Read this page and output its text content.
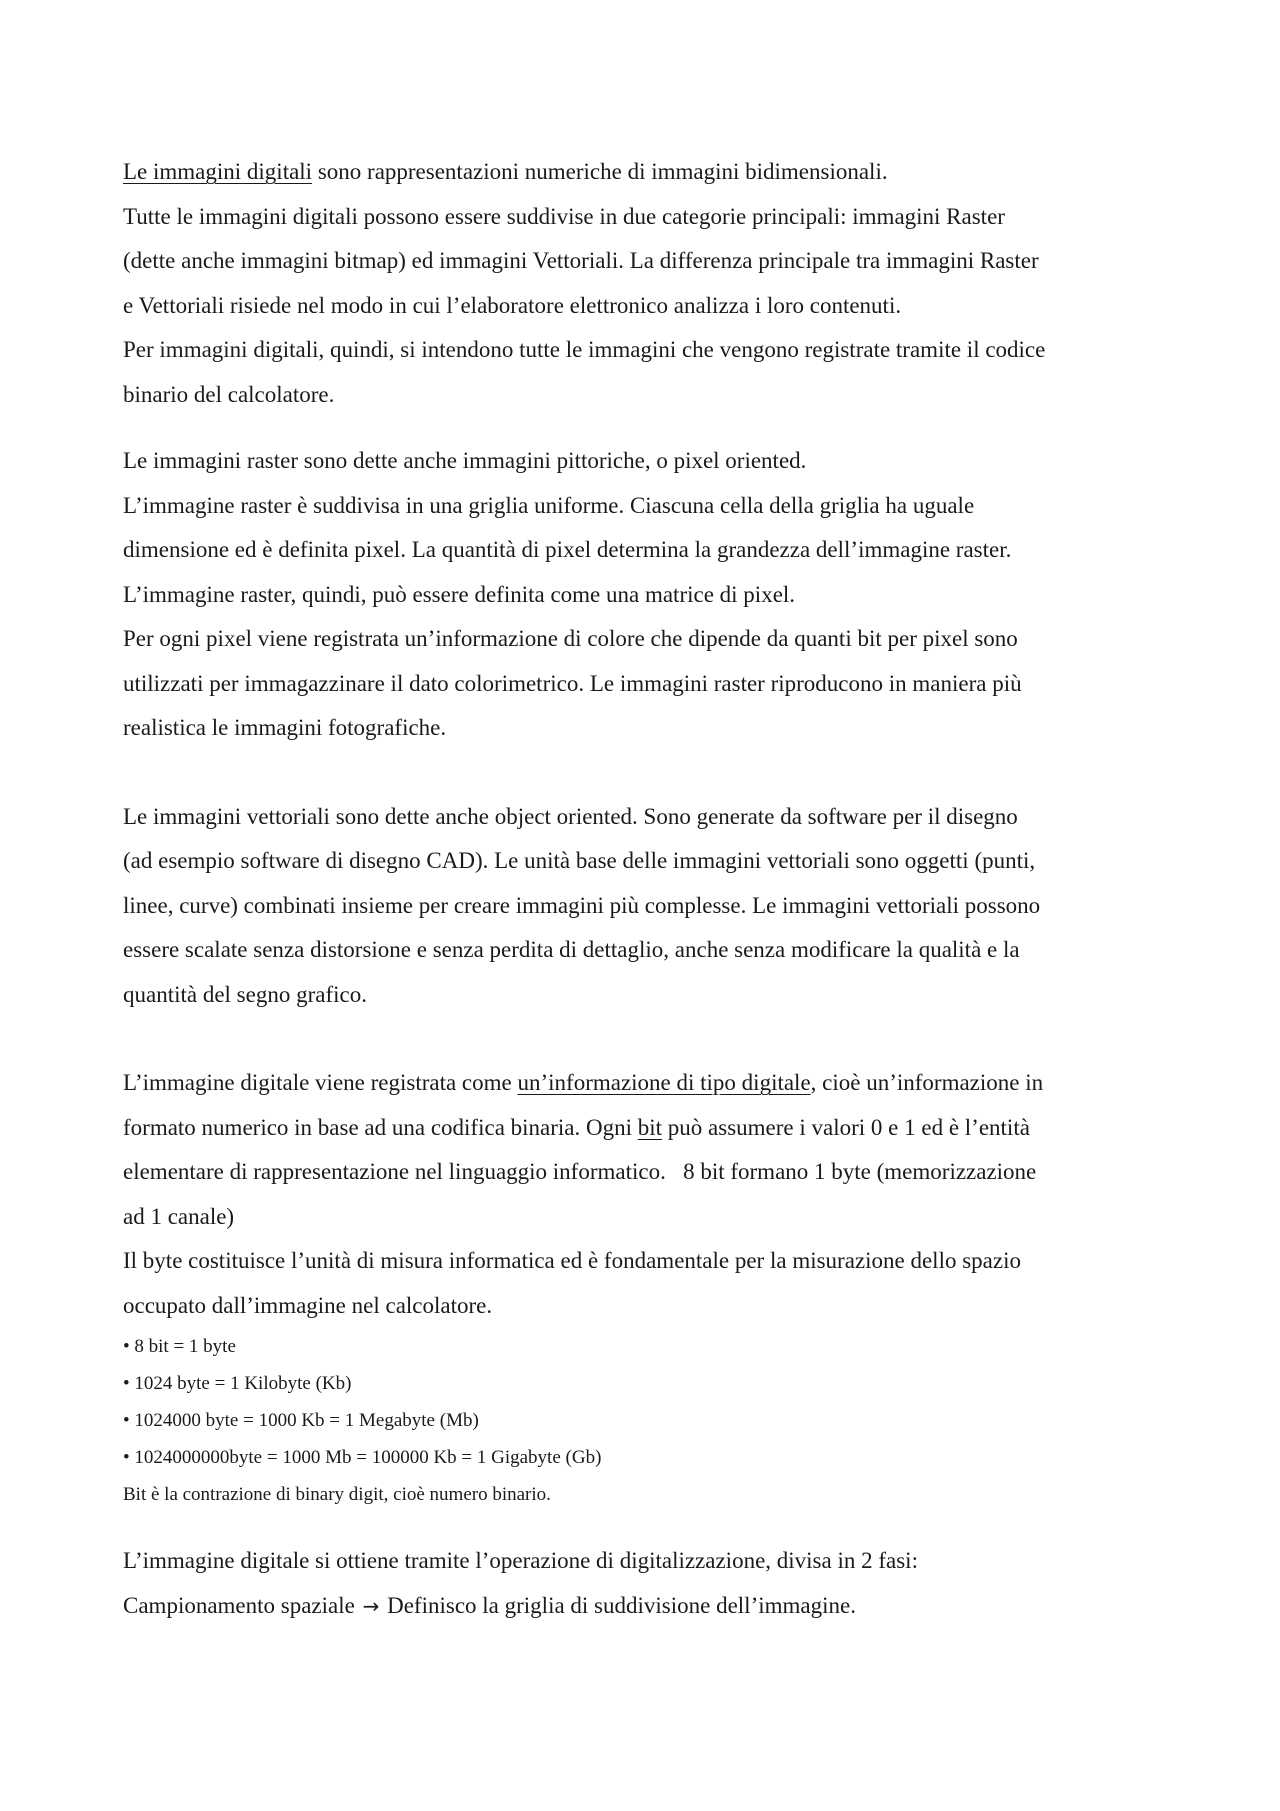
Le immagini digitali sono rappresentazioni numeriche di immagini bidimensionali.
Tutte le immagini digitali possono essere suddivise in due categorie principali: immagini Raster
(dette anche immagini bitmap) ed immagini Vettoriali. La differenza principale tra immagini Raster
e Vettoriali risiede nel modo in cui l’elaboratore elettronico analizza i loro contenuti.
Per immagini digitali, quindi, si intendono tutte le immagini che vengono registrate tramite il codice
binario del calcolatore.

Le immagini raster sono dette anche immagini pittoriche, o pixel oriented.
L’immagine raster è suddivisa in una griglia uniforme. Ciascuna cella della griglia ha uguale
dimensione ed è definita pixel. La quantità di pixel determina la grandezza dell’immagine raster.
L’immagine raster, quindi, può essere definita come una matrice di pixel.
Per ogni pixel viene registrata un’informazione di colore che dipende da quanti bit per pixel sono
utilizzati per immagazzinare il dato colorimetrico. Le immagini raster riproducono in maniera più
realistica le immagini fotografiche.

Le immagini vettoriali sono dette anche object oriented. Sono generate da software per il disegno
(ad esempio software di disegno CAD). Le unità base delle immagini vettoriali sono oggetti (punti,
linee, curve) combinati insieme per creare immagini più complesse. Le immagini vettoriali possono
essere scalate senza distorsione e senza perdita di dettaglio, anche senza modificare la qualità e la
quantità del segno grafico.

L’immagine digitale viene registrata come un’informazione di tipo digitale, cioè un’informazione in
formato numerico in base ad una codifica binaria. Ogni bit può assumere i valori 0 e 1 ed è l’entità
elementare di rappresentazione nel linguaggio informatico.   8 bit formano 1 byte (memorizzazione
ad 1 canale)
Il byte costituisce l’unità di misura informatica ed è fondamentale per la misurazione dello spazio
occupato dall’immagine nel calcolatore.

• 8 bit = 1 byte
• 1024 byte = 1 Kilobyte (Kb)
• 1024000 byte = 1000 Kb = 1 Megabyte (Mb)
• 1024000000byte = 1000 Mb = 100000 Kb = 1 Gigabyte (Gb)

Bit è la contrazione di binary digit, cioè numero binario.

L’immagine digitale si ottiene tramite l’operazione di digitalizzazione, divisa in 2 fasi:
Campionamento spaziale → Definisco la griglia di suddivisione dell’immagine.
